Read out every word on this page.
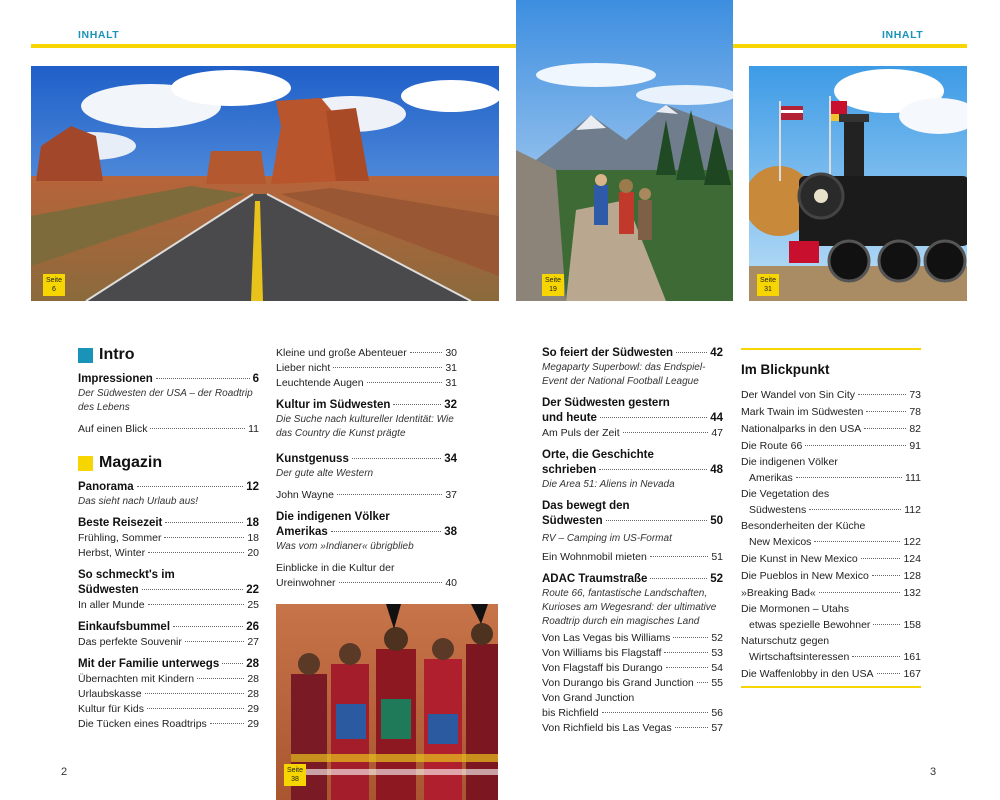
INHALT	INHALT
Seite
6
Seite
19
Seite
31
Seite
38
Intro
Impressionen	6
Der Südwesten der USA – der Roadtrip des Lebens
Auf einen Blick	11
Magazin
Panorama	12
Das sieht nach Urlaub aus!
Beste Reisezeit	18
Frühling, Sommer	18
Herbst, Winter	20
So schmeckt's im
Südwesten	22
In aller Munde	25
Einkaufsbummel	26
Das perfekte Souvenir	27
Mit der Familie unterwegs 28
Übernachten mit Kindern	28
Urlaubskasse	28
Kultur für Kids	29
Die Tücken eines Roadtrips	29
Kleine und große Abenteuer	30
Lieber nicht	31
Leuchtende Augen	31
Kultur im Südwesten	32
Die Suche nach kultureller Identität: Wie das Country die Kunst prägte
Kunstgenuss	34
Der gute alte Western
John Wayne	37
Die indigenen Völker
Amerikas	38
Was vom »Indianer« übrigblieb
Einblicke in die Kultur der
Ureinwohner	40
So feiert der Südwesten	42
Megaparty Superbowl: das Endspiel-Event der National Football League
Der Südwesten gestern
und heute	44
Am Puls der Zeit	47
Orte, die Geschichte
schrieben	48
Die Area 51: Aliens in Nevada
Das bewegt den
Südwesten	50
RV – Camping im US-Format
Ein Wohnmobil mieten	51
ADAC Traumstraße	52
Route 66, fantastische Landschaften, Kurioses am Wegesrand: der ultimative Roadtrip durch ein magisches Land
Von Las Vegas bis Williams	52
Von Williams bis Flagstaff	53
Von Flagstaff bis Durango	54
Von Durango bis Grand Junction 55
Von Grand Junction
bis Richfield	56
Von Richfield bis Las Vegas	57
Im Blickpunkt
Der Wandel von Sin City	73
Mark Twain im Südwesten	78
Nationalparks in den USA	82
Die Route 66	91
Die indigenen Völker
Amerikas	111
Die Vegetation des
Südwestens	112
Besonderheiten der Küche
New Mexicos	122
Die Kunst in New Mexico	124
Die Pueblos in New Mexico	128
»Breaking Bad«	132
Die Mormonen – Utahs
etwas spezielle Bewohner	158
Naturschutz gegen
Wirtschaftsinteressen	161
Die Waffenlobby in den USA	167
2	3
